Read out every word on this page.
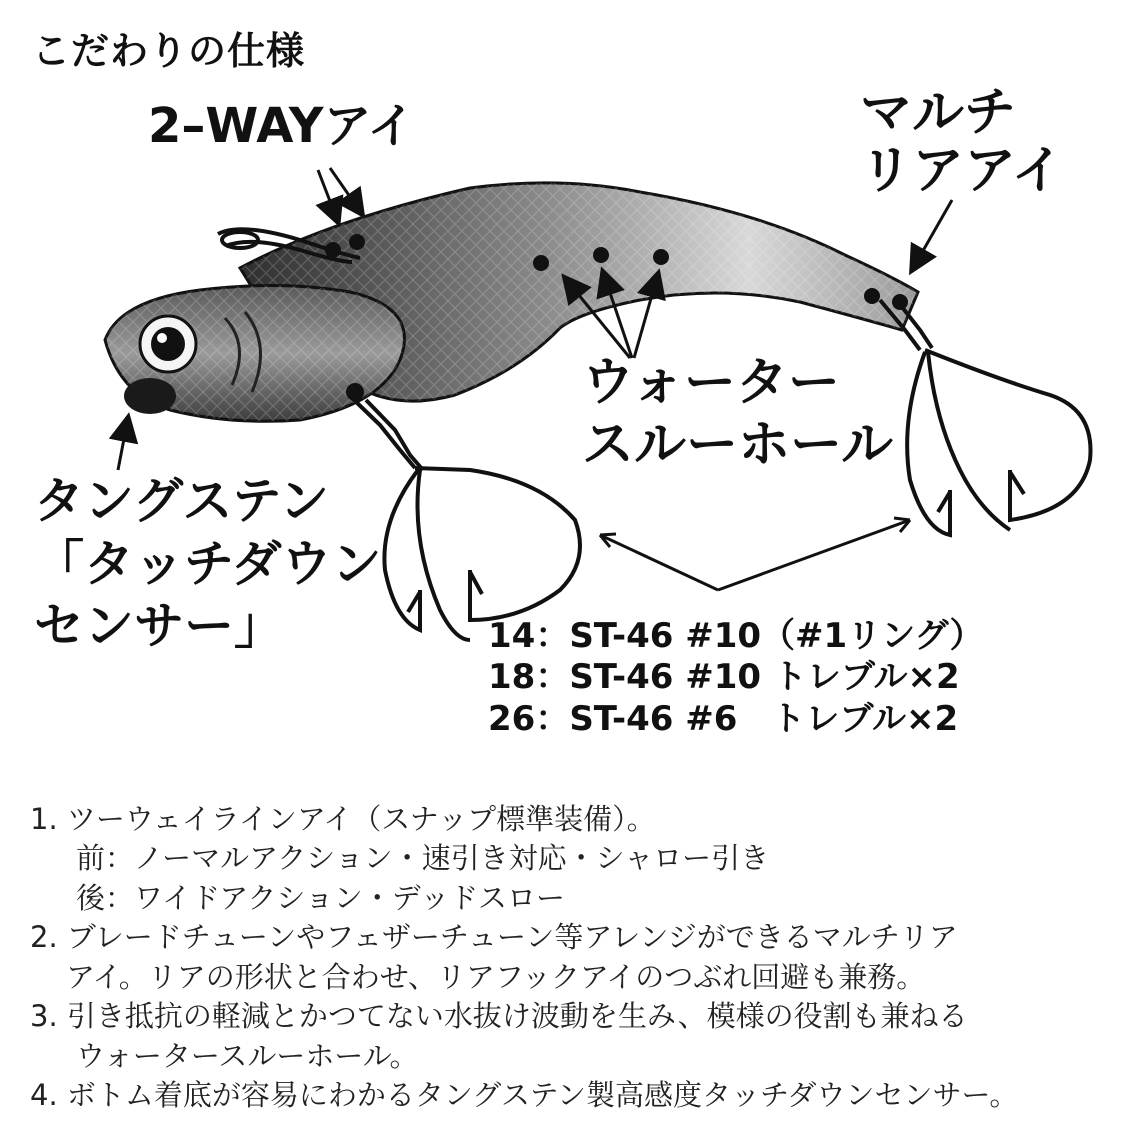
こだわりの仕様
2–WAYアイ	マルチ
リアアイ
ウォーター
スルーホール
タングステン
「タッチダウン
センサー」	14：ST-46 #10（#1リング）
18：ST-46 #10 トレブル×2
26：ST-46 #6　トレブル×2
1. ツーウェイラインアイ（スナップ標準装備）。
前：ノーマルアクション・速引き対応・シャロー引き
後：ワイドアクション・デッドスロー
2. ブレードチューンやフェザーチューン等アレンジができるマルチリア
アイ。リアの形状と合わせ、リアフックアイのつぶれ回避も兼務。
3. 引き抵抗の軽減とかつてない水抜け波動を生み、模様の役割も兼ねる
ウォータースルーホール。
4. ボトム着底が容易にわかるタングステン製高感度タッチダウンセンサー。
